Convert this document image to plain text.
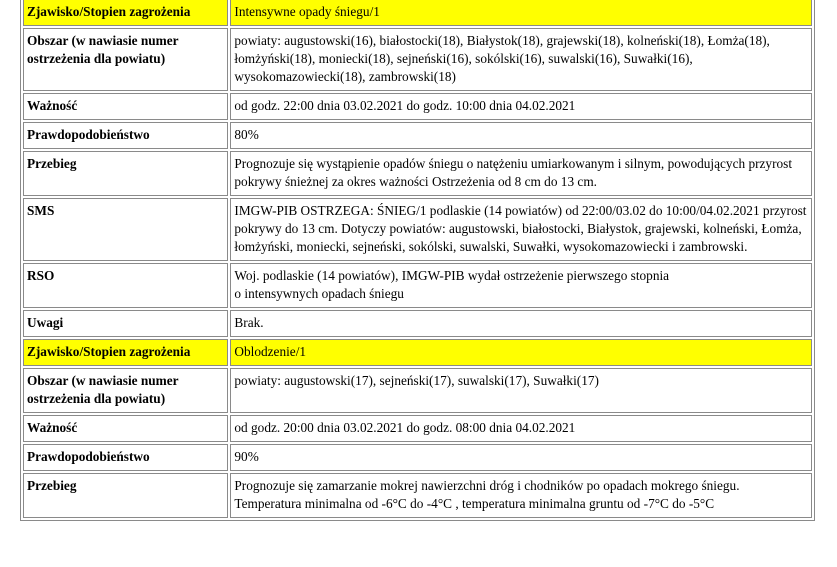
Zjawisko/Stopien zagrożenia	Intensywne opady śniegu/1
Obszar (w nawiasie numer ostrzeżenia dla powiatu)	powiaty: augustowski(16), białostocki(18), Białystok(18), grajewski(18), kolneński(18), Łomża(18), łomżyński(18), moniecki(18), sejneński(16), sokólski(16), suwalski(16), Suwałki(16), wysokomazowiecki(18), zambrowski(18)
Ważność	od godz. 22:00 dnia 03.02.2021 do godz. 10:00 dnia 04.02.2021
Prawdopodobieństwo	80%
Przebieg	Prognozuje się wystąpienie opadów śniegu o natężeniu umiarkowanym i silnym, powodujących przyrost pokrywy śnieżnej za okres ważności Ostrzeżenia od 8 cm do 13 cm.
SMS	IMGW-PIB OSTRZEGA: ŚNIEG/1 podlaskie (14 powiatów) od 22:00/03.02 do 10:00/04.02.2021 przyrost pokrywy do 13 cm. Dotyczy powiatów: augustowski, białostocki, Białystok, grajewski, kolneński, Łomża, łomżyński, moniecki, sejneński, sokólski, suwalski, Suwałki, wysokomazowiecki i zambrowski.
RSO	Woj. podlaskie (14 powiatów), IMGW-PIB wydał ostrzeżenie pierwszego stopnia
o intensywnych opadach śniegu

Uwagi	Brak.
Zjawisko/Stopien zagrożenia	Oblodzenie/1
Obszar (w nawiasie numer ostrzeżenia dla powiatu)	powiaty: augustowski(17), sejneński(17), suwalski(17), Suwałki(17)
Ważność	od godz. 20:00 dnia 03.02.2021 do godz. 08:00 dnia 04.02.2021
Prawdopodobieństwo	90%
Przebieg	Prognozuje się zamarzanie mokrej nawierzchni dróg i chodników po opadach mokrego śniegu.
Temperatura minimalna od -6°C do -4°C , temperatura minimalna gruntu od -7°C do -5°C
